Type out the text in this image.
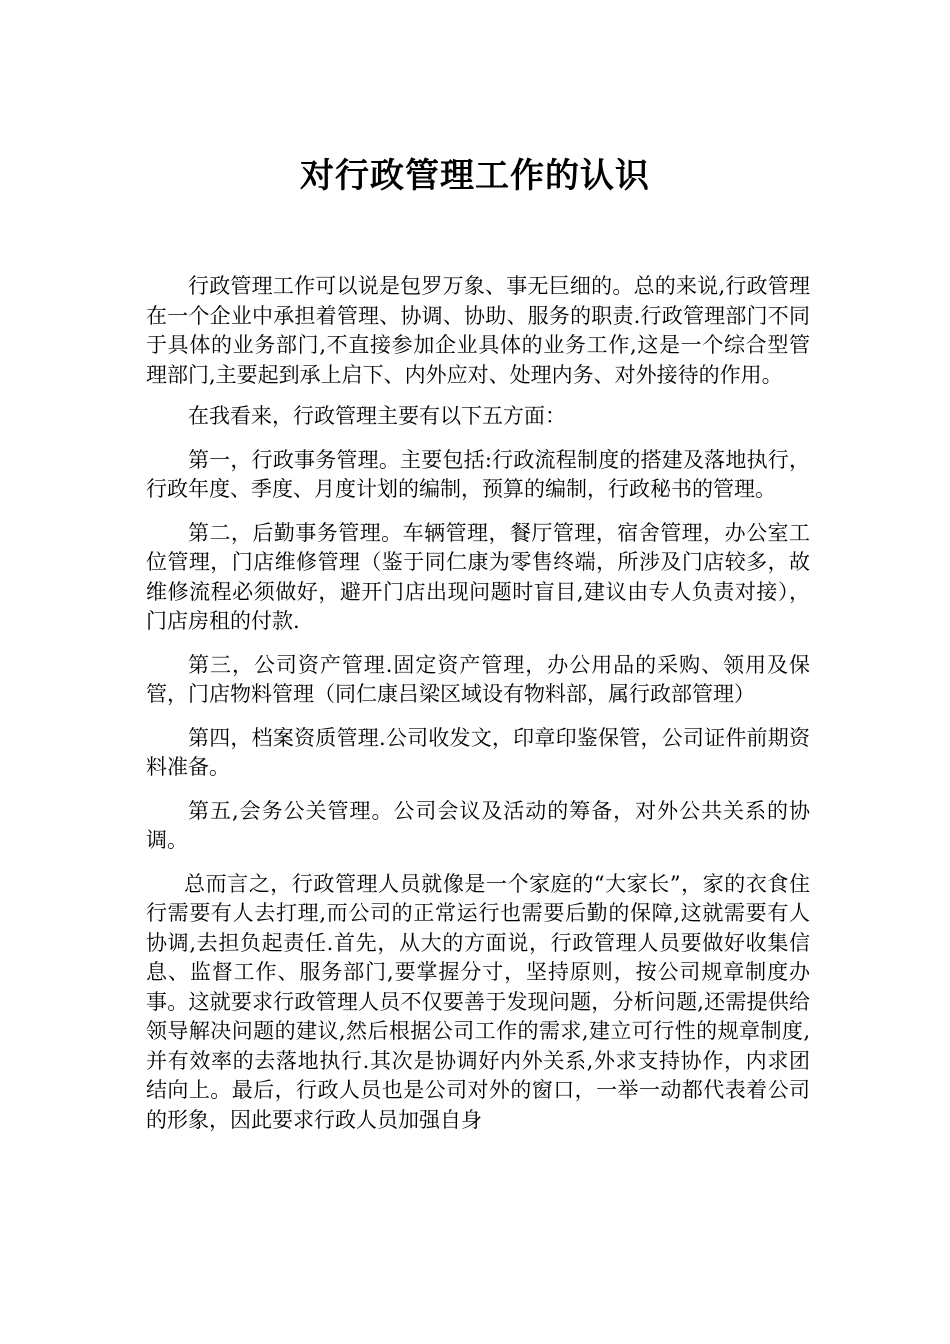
对行政管理工作的认识

行政管理工作可以说是包罗万象、事无巨细的。总的来说,行政管理在一个企业中承担着管理、协调、协助、服务的职责.行政管理部门不同于具体的业务部门,不直接参加企业具体的业务工作,这是一个综合型管理部门,主要起到承上启下、内外应对、处理内务、对外接待的作用。

在我看来，行政管理主要有以下五方面：

第一，行政事务管理。主要包括:行政流程制度的搭建及落地执行，行政年度、季度、月度计划的编制，预算的编制，行政秘书的管理。

第二，后勤事务管理。车辆管理，餐厅管理，宿舍管理，办公室工位管理，门店维修管理（鉴于同仁康为零售终端，所涉及门店较多，故维修流程必须做好，避开门店出现问题时盲目,建议由专人负责对接），门店房租的付款.

第三，公司资产管理.固定资产管理，办公用品的采购、领用及保管，门店物料管理（同仁康吕梁区域设有物料部，属行政部管理）

第四，档案资质管理.公司收发文，印章印鉴保管，公司证件前期资料准备。

第五,会务公关管理。公司会议及活动的筹备，对外公共关系的协调。

总而言之，行政管理人员就像是一个家庭的“大家长”，家的衣食住行需要有人去打理,而公司的正常运行也需要后勤的保障,这就需要有人协调,去担负起责任.首先，从大的方面说，行政管理人员要做好收集信息、监督工作、服务部门,要掌握分寸，坚持原则，按公司规章制度办事。这就要求行政管理人员不仅要善于发现问题，分析问题,还需提供给领导解决问题的建议,然后根据公司工作的需求,建立可行性的规章制度,并有效率的去落地执行.其次是协调好内外关系,外求支持协作，内求团结向上。最后，行政人员也是公司对外的窗口，一举一动都代表着公司的形象，因此要求行政人员加强自身
